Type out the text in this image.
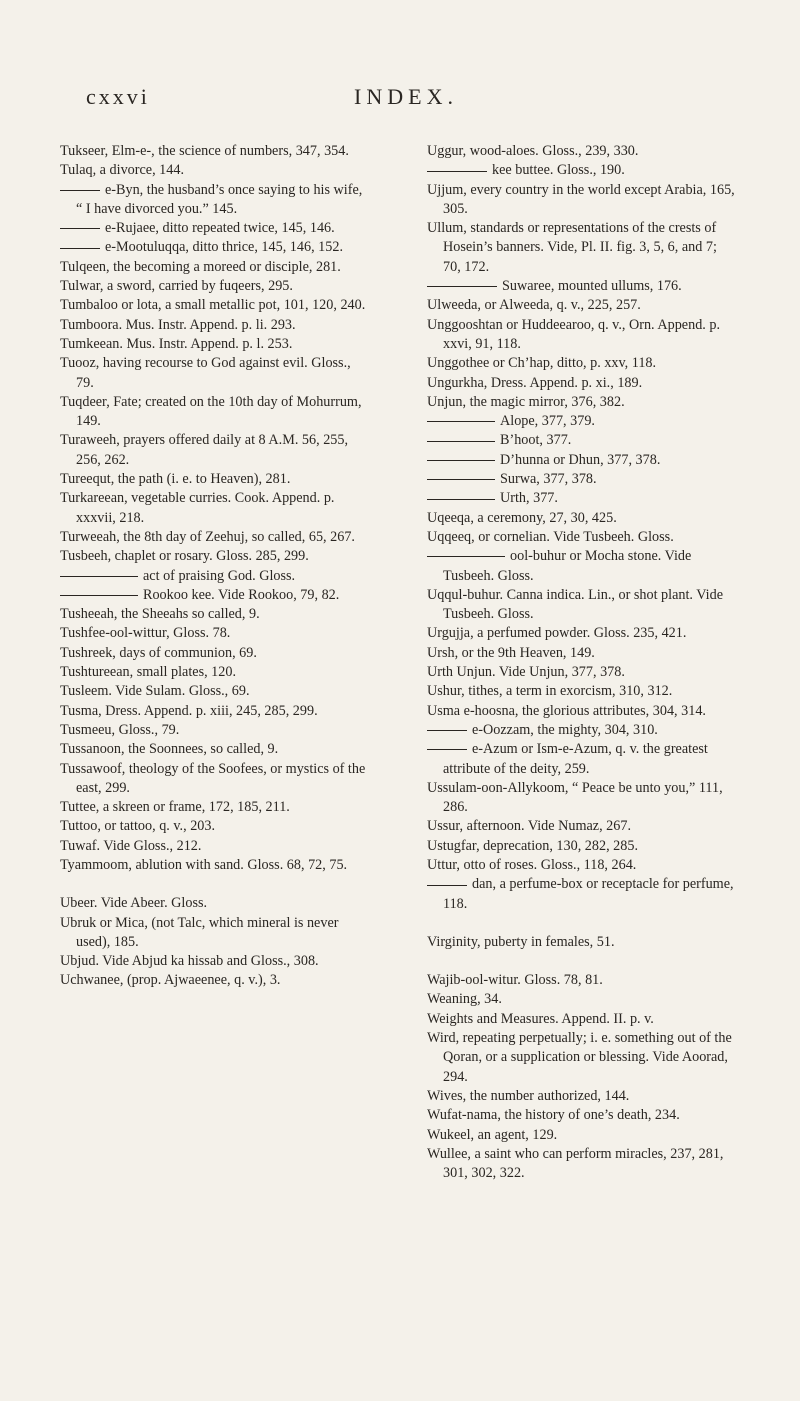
cxxvi	INDEX.
Tukseer, Elm-e-, the science of numbers, 347, 354.
Tulaq, a divorce, 144.
e-Byn, the husband’s once saying to his wife, “ I have divorced you.” 145.
e-Rujaee, ditto repeated twice, 145, 146.
e-Mootuluqqa, ditto thrice, 145, 146, 152.
Tulqeen, the becoming a moreed or disciple, 281.
Tulwar, a sword, carried by fuqeers, 295.
Tumbaloo or lota, a small metallic pot, 101, 120, 240.
Tumboora. Mus. Instr. Append. p. li. 293.
Tumkeean. Mus. Instr. Append. p. l. 253.
Tuooz, having recourse to God against evil. Gloss., 79.
Tuqdeer, Fate; created on the 10th day of Mohurrum, 149.
Turaweeh, prayers offered daily at 8 A.M. 56, 255, 256, 262.
Tureequt, the path (i. e. to Heaven), 281.
Turkareean, vegetable curries. Cook. Append. p. xxxvii, 218.
Turweeah, the 8th day of Zeehuj, so called, 65, 267.
Tusbeeh, chaplet or rosary. Gloss. 285, 299.
act of praising God. Gloss.
Rookoo kee. Vide Rookoo, 79, 82.
Tusheeah, the Sheeahs so called, 9.
Tushfee-ool-wittur, Gloss. 78.
Tushreek, days of communion, 69.
Tushtureean, small plates, 120.
Tusleem. Vide Sulam. Gloss., 69.
Tusma, Dress. Append. p. xiii, 245, 285, 299.
Tusmeeu, Gloss., 79.
Tussanoon, the Soonnees, so called, 9.
Tussawoof, theology of the Soofees, or mystics of the east, 299.
Tuttee, a skreen or frame, 172, 185, 211.
Tuttoo, or tattoo, q. v., 203.
Tuwaf. Vide Gloss., 212.
Tyammoom, ablution with sand. Gloss. 68, 72, 75.
Ubeer. Vide Abeer. Gloss.
Ubruk or Mica, (not Talc, which mineral is never used), 185.
Ubjud. Vide Abjud ka hissab and Gloss., 308.
Uchwanee, (prop. Ajwaeenee, q. v.), 3.
Uggur, wood-aloes. Gloss., 239, 330.
kee buttee. Gloss., 190.
Ujjum, every country in the world except Arabia, 165, 305.
Ullum, standards or representations of the crests of Hosein’s banners. Vide, Pl. II. fig. 3, 5, 6, and 7; 70, 172.
Suwaree, mounted ullums, 176.
Ulweeda, or Alweeda, q. v., 225, 257.
Unggooshtan or Huddeearoo, q. v., Orn. Append. p. xxvi, 91, 118.
Unggothee or Ch’hap, ditto, p. xxv, 118.
Ungurkha, Dress. Append. p. xi., 189.
Unjun, the magic mirror, 376, 382.
Alope, 377, 379.
B’hoot, 377.
D’hunna or Dhun, 377, 378.
Surwa, 377, 378.
Urth, 377.
Uqeeqa, a ceremony, 27, 30, 425.
Uqqeeq, or cornelian. Vide Tusbeeh. Gloss.
ool-buhur or Mocha stone. Vide Tusbeeh. Gloss.
Uqqul-buhur. Canna indica. Lin., or shot plant. Vide Tusbeeh. Gloss.
Urgujja, a perfumed powder. Gloss. 235, 421.
Ursh, or the 9th Heaven, 149.
Urth Unjun. Vide Unjun, 377, 378.
Ushur, tithes, a term in exorcism, 310, 312.
Usma e-hoosna, the glorious attributes, 304, 314.
e-Oozzam, the mighty, 304, 310.
e-Azum or Ism-e-Azum, q. v. the greatest attribute of the deity, 259.
Ussulam-oon-Allykoom, “ Peace be unto you,” 111, 286.
Ussur, afternoon. Vide Numaz, 267.
Ustugfar, deprecation, 130, 282, 285.
Uttur, otto of roses. Gloss., 118, 264.
dan, a perfume-box or receptacle for perfume, 118.
Virginity, puberty in females, 51.
Wajib-ool-witur. Gloss. 78, 81.
Weaning, 34.
Weights and Measures. Append. II. p. v.
Wird, repeating perpetually; i. e. something out of the Qoran, or a supplication or blessing. Vide Aoorad, 294.
Wives, the number authorized, 144.
Wufat-nama, the history of one’s death, 234.
Wukeel, an agent, 129.
Wullee, a saint who can perform miracles, 237, 281, 301, 302, 322.
